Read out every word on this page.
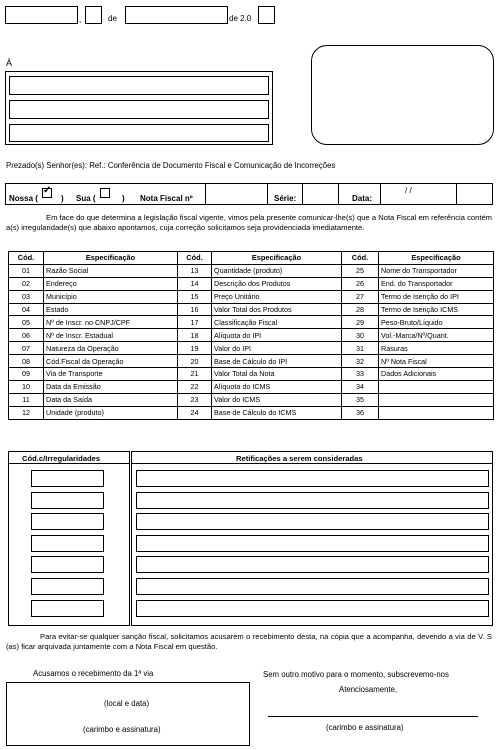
,	de	de 2.0
À
Prezado(s) Senhor(es): Ref.: Conferência de Documento Fiscal e Comunicação de Incorreções
Nossa (
✓
) Sua (	) Nota Fiscal nº	Série:	Data:
/ /
Em face do que determina a legislação fiscal vigente, vimos pela presente comunicar-lhe(s) que a Nota Fiscal em referência contém a(s) irregularidade(s) que abaixo apontamos, cuja correção solicitamos seja providenciada imediatamente.
Cód.	Especificação	Cód.	Especificação	Cód.	Especificação
01	Razão Social	13	Quantidade (produto)	25	Nome do Transportador
02	Endereço	14	Descrição dos Produtos	26	End. do Transportador
03	Município	15	Preço Unitário	27	Termo de Isenção do IPI
04	Estado	16	Valor Total dos Produtos	28	Termo de Isenção ICMS
05	Nº de Inscr. no CNPJ/CPF	17	Classificação Fiscal	29	Peso-Bruto/Líquido
06	Nº de Inscr. Estadual	18	Alíquota do IPI	30	Vol.-Marca/Nº/Quant.
07	Natureza da Operação	19	Valor do IPI	31	Rasuras
08	Cód.Fiscal da Operação	20	Base de Cálculo do IPI	32	Nº Nota Fiscal
09	Via de Transporte	21	Valor Total da Nota	33	Dados Adicionais
10	Data da Emissão	22	Alíquota do ICMS	34	
11	Data da Saída	23	Valor do ICMS	35	
12	Unidade (produto)	24	Base de Cálculo do ICMS	36	
Cód.c/Irregularidades	Retificações a serem consideradas
Para evitar-se qualquer sanção fiscal, solicitamos acusarem o recebimento desta, na cópia que a acompanha, devendo a via de V. S (as) ficar arquivada juntamente com a Nota Fiscal em questão.
Acusamos o recebimento da 1ª via
(local e data)
(carimbo e assinatura)
Sem outro motivo para o momento, subscrevemo-nos
Atenciosamente,
(carimbo e assinatura)
